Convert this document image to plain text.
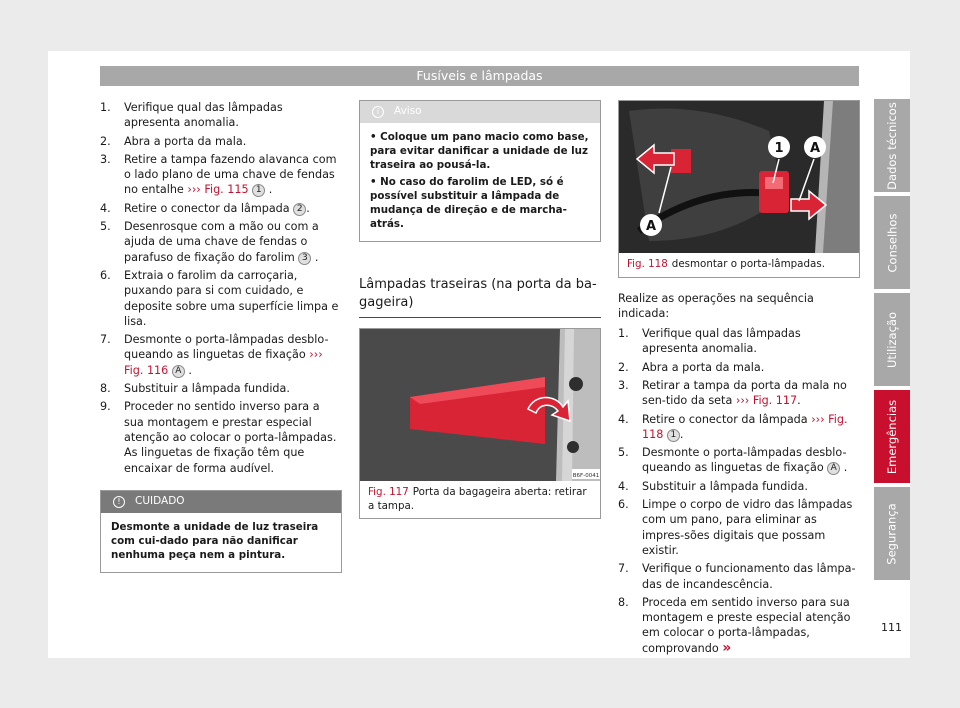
Fusíveis e lâmpadas
Dados técnicos
Conselhos
Utilização
Emergências
Segurança
1.	Verifique qual das lâmpadas apresenta anomalia.
2.	Abra a porta da mala.
3.	Retire a tampa fazendo alavanca com o lado plano de uma chave de fendas no entalhe ››› Fig. 115 1 .
4.	Retire o conector da lâmpada 2 .
5.	Desenrosque com a mão ou com a ajuda de uma chave de fendas o parafuso de fixação do farolim 3 .
6.	Extraia o farolim da carroçaria, puxando para si com cuidado, e deposite sobre uma superfície limpa e lisa.
7.	Desmonte o porta-lâmpadas desblo-queando as linguetas de fixação ››› Fig. 116 A .
8.	Substituir a lâmpada fundida.
9.	Proceder no sentido inverso para a sua montagem e prestar especial atenção ao colocar o porta-lâmpadas. As linguetas de fixação têm que encaixar de forma audível.
!	CUIDADO

Desmonte a unidade de luz traseira com cui-dado para não danificar nenhuma peça nem a pintura.

i	Aviso

• Coloque um pano macio como base, para evitar danificar a unidade de luz traseira ao pousá-la.

• No caso do farolim de LED, só é possível substituir a lâmpada de mudança de direção e de marcha-atrás.

Lâmpadas traseiras (na porta da ba-gageira)
B6F-0041
Fig. 117 Porta da bagageira aberta: retirar a tampa.
1 A
A
Fig. 118 desmontar o porta-lâmpadas.

Realize as operações na sequência indicada:

1.	Verifique qual das lâmpadas apresenta anomalia.
2.	Abra a porta da mala.
3.	Retirar a tampa da porta da mala no sen-tido da seta ››› Fig. 117.
4.	Retire o conector da lâmpada ››› Fig. 118 1 .
5.	Desmonte o porta-lâmpadas desblo-queando as linguetas de fixação A .
4.	Substituir a lâmpada fundida.
6.	Limpe o corpo de vidro das lâmpadas com um pano, para eliminar as impres-sões digitais que possam existir.
7.	Verifique o funcionamento das lâmpa-das de incandescência.
8.	Proceda em sentido inverso para sua montagem e preste especial atenção em colocar o porta-lâmpadas, comprovando »
111
